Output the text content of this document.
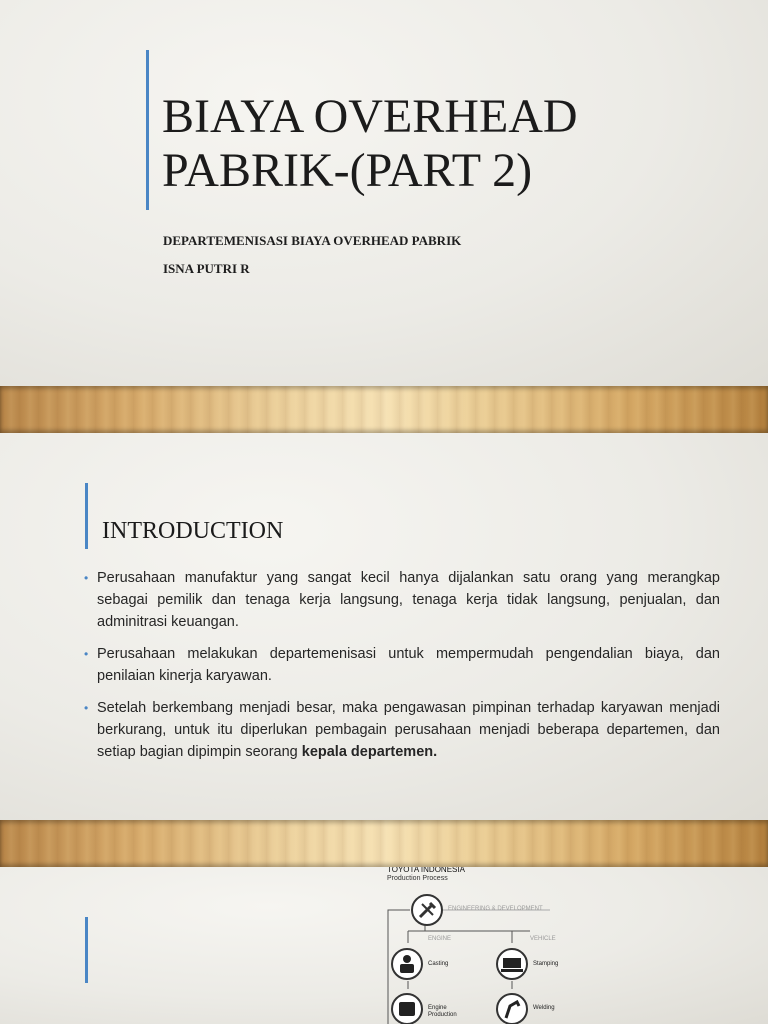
BIAYA OVERHEAD
PABRIK-(PART 2)

DEPARTEMENISASI BIAYA OVERHEAD PABRIK

ISNA PUTRI R

INTRODUCTION
• Perusahaan manufaktur yang sangat kecil hanya dijalankan satu orang yang merangkap sebagai pemilik dan tenaga kerja langsung, tenaga kerja tidak langsung, penjualan, dan adminitrasi keuangan.
• Perusahaan melakukan departemenisasi untuk mempermudah pengendalian biaya, dan penilaian kinerja karyawan.
• Setelah berkembang menjadi besar, maka pengawasan pimpinan terhadap karyawan menjadi berkurang, untuk itu diperlukan pembagain perusahaan menjadi beberapa departemen, dan setiap bagian dipimpin seorang kepala departemen.
TOYOTA INDONESIA
Production Process
ENGINEERING & DEVELOPMENT
ENGINE	VEHICLE
Casting	Stamping
Engine Production
Welding
